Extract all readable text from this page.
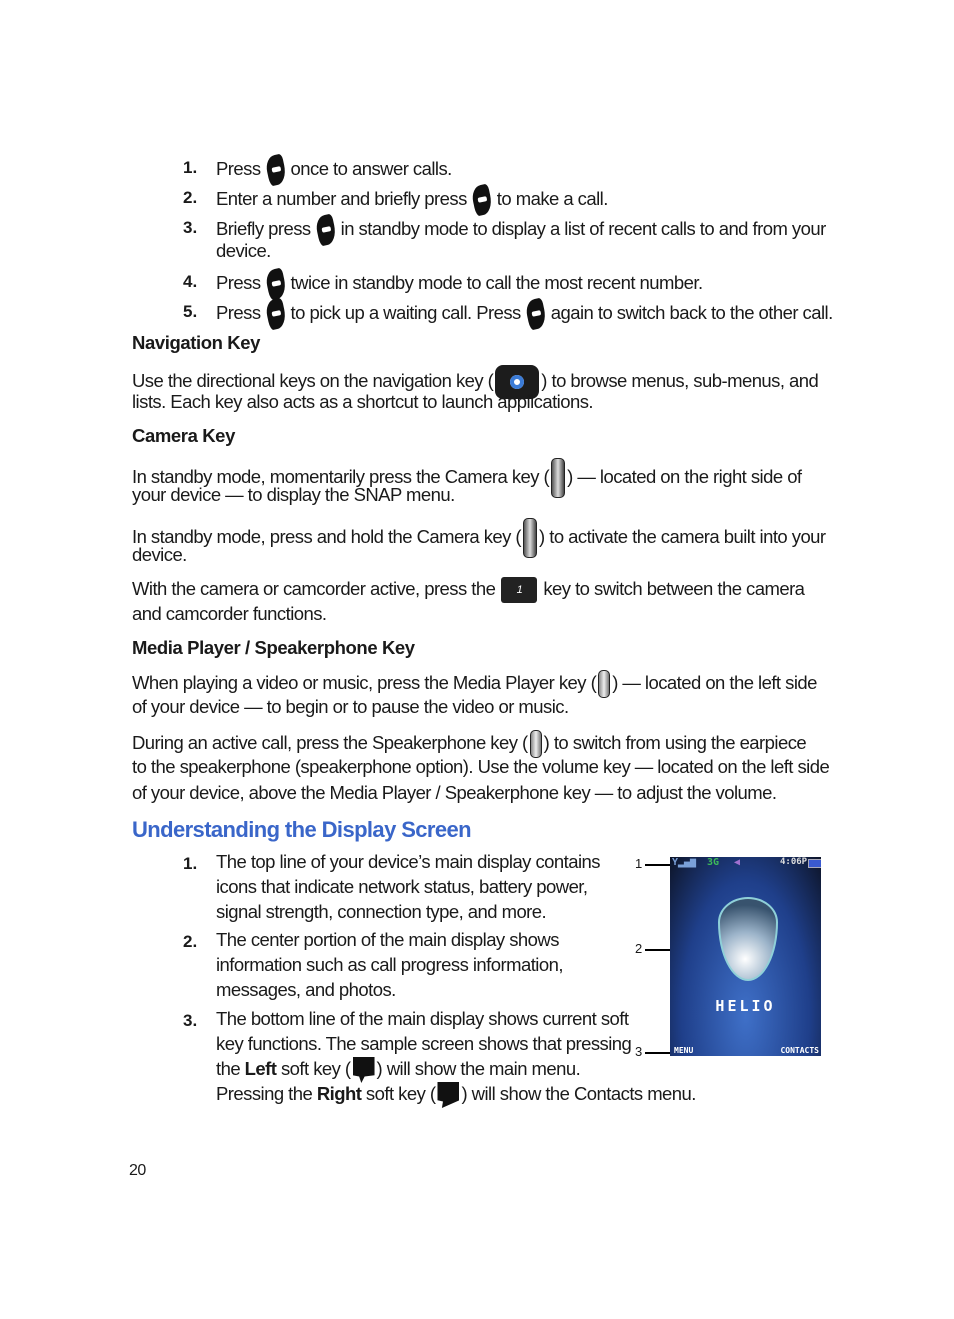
1. Press once to answer calls.
2. Enter a number and briefly press to make a call.
3. Briefly press in standby mode to display a list of recent calls to and from your
device.
4. Press twice in standby mode to call the most recent number.
5. Press to pick up a waiting call. Press again to switch back to the other call.
Navigation Key
Use the directional keys on the navigation key (	) to browse menus, sub-menus, and
lists. Each key also acts as a shortcut to launch applications.
Camera Key
In standby mode, momentarily press the Camera key ( ) — located on the right side of
your device — to display the SNAP menu.
In standby mode, press and hold the Camera key ( ) to activate the camera built into your
device.
With the camera or camcorder active, press the 1 key to switch between the camera
and camcorder functions.
Media Player / Speakerphone Key
When playing a video or music, press the Media Player key ( ) — located on the left side
of your device — to begin or to pause the video or music.
During an active call, press the Speakerphone key ( ) to switch from using the earpiece
to the speakerphone (speakerphone option). Use the volume key — located on the left side
of your device, above the Media Player / Speakerphone key — to adjust the volume.
Understanding the Display Screen
1. The top line of your device’s main display contains
icons that indicate network status, battery power,
signal strength, connection type, and more.
2. The center portion of the main display shows
information such as call progress information,
messages, and photos.
3. The bottom line of the main display shows current soft
key functions. The sample screen shows that pressing
the Left soft key ( ) will show the main menu.
Pressing the Right soft key ( ) will show the Contacts menu.
1
2
3
Y▂▄▆ 3G ◀	4:06P
HELIO
MENU	CONTACTS
20
